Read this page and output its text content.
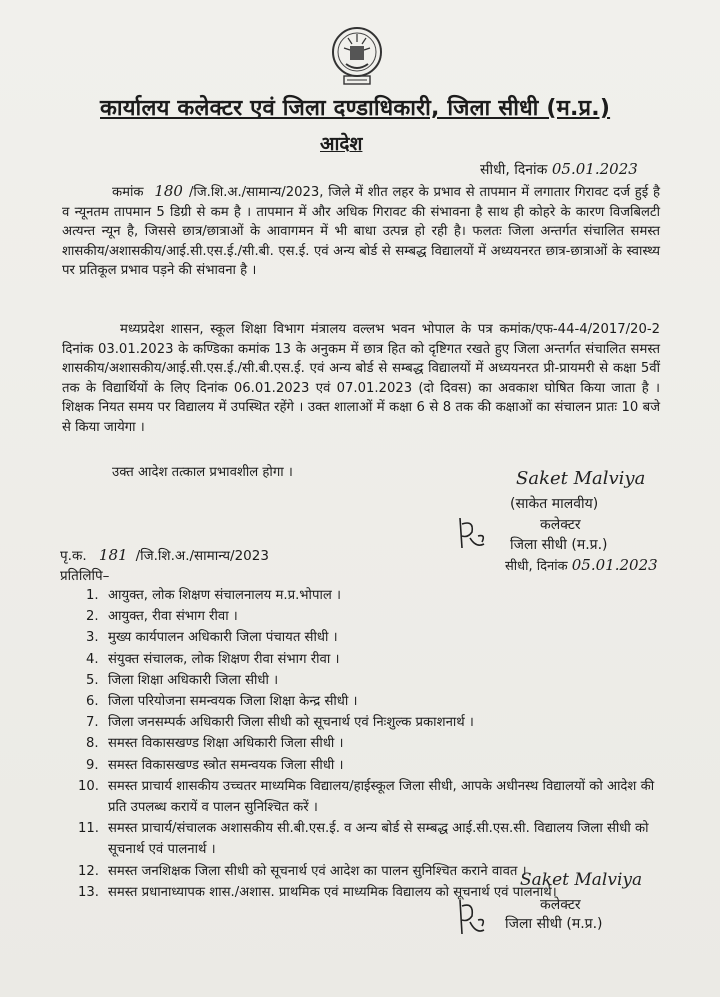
कार्यालय कलेक्टर एवं जिला दण्डाधिकारी, जिला सीधी (म.प्र.)
आदेश
सीधी, दिनांक 05.01.2023
कमांक 180 /जि.शि.अ./सामान्य/2023, जिले में शीत लहर के प्रभाव से तापमान में लगातार गिरावट दर्ज हुई है व न्यूनतम तापमान 5 डिग्री से कम है । तापमान में और अधिक गिरावट की संभावना है साथ ही कोहरे के कारण विजबिलटी अत्यन्त न्यून है, जिससे छात्र/छात्राओं के आवागमन में भी बाधा उत्पन्न हो रही है। फलतः जिला अन्तर्गत संचालित समस्त शासकीय/अशासकीय/आई.सी.एस.ई./सी.बी. एस.ई. एवं अन्य बोर्ड से सम्बद्ध विद्यालयों में अध्ययनरत छात्र-छात्राओं के स्वास्थ्य पर प्रतिकूल प्रभाव पड़ने की संभावना है ।
मध्यप्रदेश शासन, स्कूल शिक्षा विभाग मंत्रालय वल्लभ भवन भोपाल के पत्र कमांक/एफ-44-4/2017/20-2 दिनांक 03.01.2023 के कण्डिका कमांक 13 के अनुकम में छात्र हित को दृष्टिगत रखते हुए जिला अन्तर्गत संचालित समस्त शासकीय/अशासकीय/आई.सी.एस.ई./सी.बी.एस.ई. एवं अन्य बोर्ड से सम्बद्ध विद्यालयों में अध्ययनरत प्री-प्रायमरी से कक्षा 5वीं तक के विद्यार्थियों के लिए दिनांक 06.01.2023 एवं 07.01.2023 (दो दिवस) का अवकाश घोषित किया जाता है । शिक्षक नियत समय पर विद्यालय में उपस्थित रहेंगे । उक्त शालाओं में कक्षा 6 से 8 तक की कक्षाओं का संचालन प्रातः 10 बजे से किया जायेगा ।
उक्त आदेश तत्काल प्रभावशील होगा ।	Saket Malviya
(साकेत मालवीय)
कलेक्टर
जिला सीधी (म.प्र.)
सीधी, दिनांक 05.01.2023
पृ.क. 181 /जि.शि.अ./सामान्य/2023
प्रतिलिपि–
1. आयुक्त, लोक शिक्षण संचालनालय म.प्र.भोपाल ।
2. आयुक्त, रीवा संभाग रीवा ।
3. मुख्य कार्यपालन अधिकारी जिला पंचायत सीधी ।
4. संयुक्त संचालक, लोक शिक्षण रीवा संभाग रीवा ।
5. जिला शिक्षा अधिकारी जिला सीधी ।
6. जिला परियोजना समन्वयक जिला शिक्षा केन्द्र सीधी ।
7. जिला जनसम्पर्क अधिकारी जिला सीधी को सूचनार्थ एवं निःशुल्क प्रकाशनार्थ ।
8. समस्त विकासखण्ड शिक्षा अधिकारी जिला सीधी ।
9. समस्त विकासखण्ड स्त्रोत समन्वयक जिला सीधी ।
10. समस्त प्राचार्य शासकीय उच्चतर माध्यमिक विद्यालय/हाईस्कूल जिला सीधी, आपके अधीनस्थ विद्यालयों को आदेश की प्रति उपलब्ध करायें व पालन सुनिश्चित करें ।
11. समस्त प्राचार्य/संचालक अशासकीय सी.बी.एस.ई. व अन्य बोर्ड से सम्बद्ध आई.सी.एस.सी. विद्यालय जिला सीधी को सूचनार्थ एवं पालनार्थ ।
12. समस्त जनशिक्षक जिला सीधी को सूचनार्थ एवं आदेश का पालन सुनिश्चित कराने वावत ।
13. समस्त प्रधानाध्यापक शास./अशास. प्राथमिक एवं माध्यमिक विद्यालय को सूचनार्थ एवं पालनार्थ।
Saket Malviya
कलेक्टर
जिला सीधी (म.प्र.)
